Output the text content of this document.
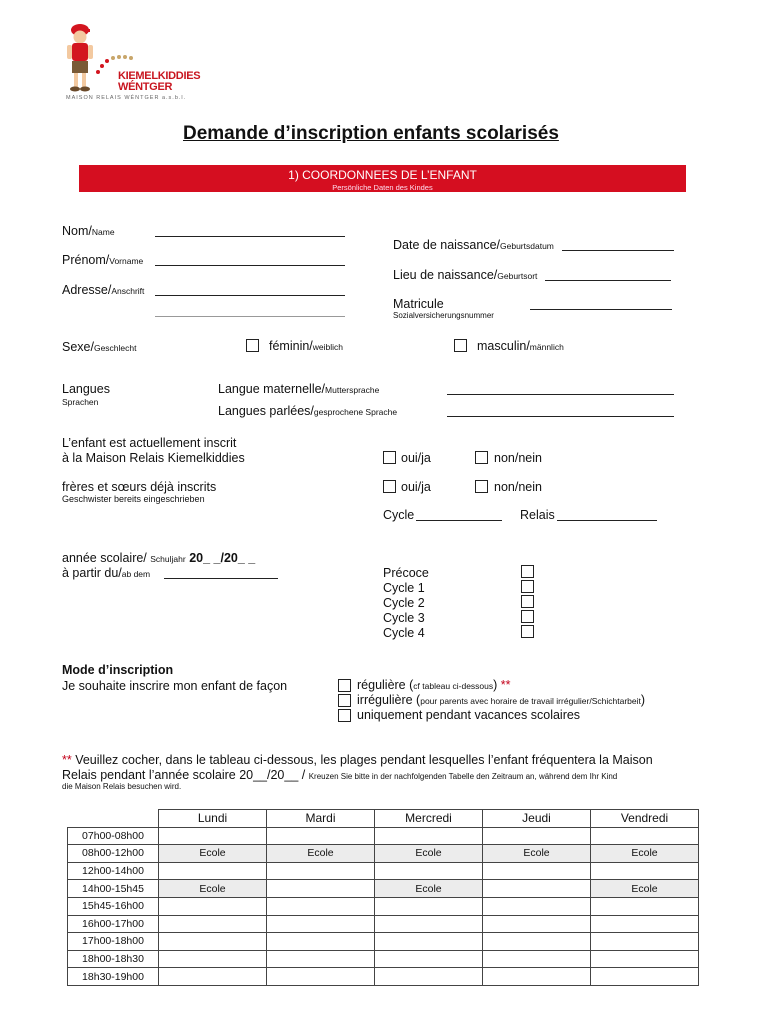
KIEMELKIDDIES
WÉNTGER
MAISON RELAIS WÉNTGER a.s.b.l.
Demande d’inscription enfants scolarisés
1) COORDONNEES DE L’ENFANT
Persönliche Daten des Kindes
Nom/Name
Prénom/Vorname
Adresse/Anschrift
Date de naissance/Geburtsdatum
Lieu de naissance/Geburtsort
Matricule
Sozialversicherungsnummer
Sexe/Geschlecht	féminin/weiblich	masculin/männlich
Langues
Sprachen
Langue maternelle/Muttersprache
Langues parlées/gesprochene Sprache
L’enfant est actuellement inscrit
à la Maison Relais Kiemelkiddies	oui/ja	non/nein
frères et sœurs déjà inscrits
Geschwister bereits eingeschrieben
oui/ja	non/nein
Cycle	Relais
année scolaire/ Schuljahr 20_ _/20_ _
à partir du/ab dem	Précoce
Cycle 1
Cycle 2
Cycle 3
Cycle 4
Mode d’inscription
Je souhaite inscrire mon enfant de façon	régulière (cf tableau ci-dessous) **
irrégulière (pour parents avec horaire de travail irrégulier/Schichtarbeit)
uniquement pendant vacances scolaires
** Veuillez cocher, dans le tableau ci-dessous, les plages pendant lesquelles l’enfant fréquentera la Maison
Relais pendant l’année scolaire 20__/20__ / Kreuzen Sie bitte in der nachfolgenden Tabelle den Zeitraum an, während dem Ihr Kind
die Maison Relais besuchen wird.
	Lundi	Mardi	Mercredi	Jeudi	Vendredi
07h00-08h00					
08h00-12h00	Ecole	Ecole	Ecole	Ecole	Ecole
12h00-14h00					
14h00-15h45	Ecole		Ecole		Ecole
15h45-16h00					
16h00-17h00					
17h00-18h00					
18h00-18h30					
18h30-19h00					
